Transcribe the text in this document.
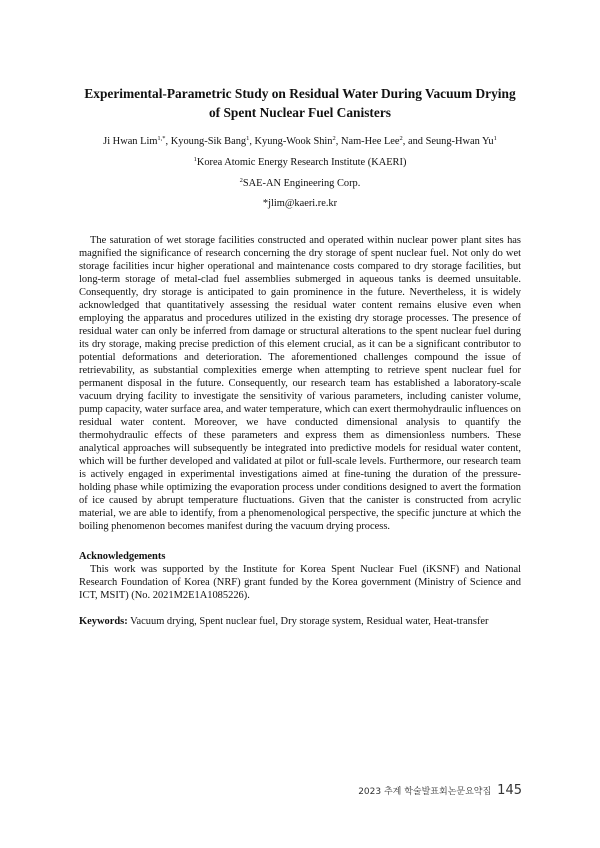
Experimental-Parametric Study on Residual Water During Vacuum Drying
of Spent Nuclear Fuel Canisters

Ji Hwan Lim$^{1,*}$, Kyoung-Sik Bang$^1$, Kyung-Wook Shin$^2$, Nam-Hee Lee$^2$, and Seung-Hwan Yu$^1$

$^1$Korea Atomic Energy Research Institute (KAERI)

$^2$SAE-AN Engineering Corp.

*jlim@kaeri.re.kr

The saturation of wet storage facilities constructed and operated within nuclear power plant sites has magnified the significance of research concerning the dry storage of spent nuclear fuel. Not only do wet storage facilities incur higher operational and maintenance costs compared to dry storage facilities, but long-term storage of metal-clad fuel assemblies submerged in aqueous tanks is deemed unsuitable. Consequently, dry storage is anticipated to gain prominence in the future. Nevertheless, it is widely acknowledged that quantitatively assessing the residual water content remains elusive even when employing the apparatus and procedures utilized in the existing dry storage processes. The presence of residual water can only be inferred from damage or structural alterations to the spent nuclear fuel during its dry storage, making precise prediction of this element crucial, as it can be a significant contributor to potential deformations and deterioration. The aforementioned challenges compound the issue of retrievability, as substantial complexities emerge when attempting to retrieve spent nuclear fuel for permanent disposal in the future. Consequently, our research team has established a laboratory-scale vacuum drying facility to investigate the sensitivity of various parameters, including canister volume, pump capacity, water surface area, and water temperature, which can exert thermohydraulic influences on residual water content. Moreover, we have conducted dimensional analysis to quantify the thermohydraulic effects of these parameters and express them as dimensionless numbers. These analytical approaches will subsequently be integrated into predictive models for residual water content, which will be further developed and validated at pilot or full-scale levels. Furthermore, our research team is actively engaged in experimental investigations aimed at fine-tuning the duration of the pressure-holding phase while optimizing the evaporation process under conditions designed to avert the formation of ice caused by abrupt temperature fluctuations. Given that the canister is constructed from acrylic material, we are able to identify, from a phenomenological perspective, the specific juncture at which the boiling phenomenon becomes manifest during the vacuum drying process.

Acknowledgements

This work was supported by the Institute for Korea Spent Nuclear Fuel (iKSNF) and National Research Foundation of Korea (NRF) grant funded by the Korea government (Ministry of Science and ICT, MSIT) (No. 2021M2E1A1085226).

Keywords: Vacuum drying, Spent nuclear fuel, Dry storage system, Residual water, Heat-transfer

2023 추계 학술발표회논문요약집 145
